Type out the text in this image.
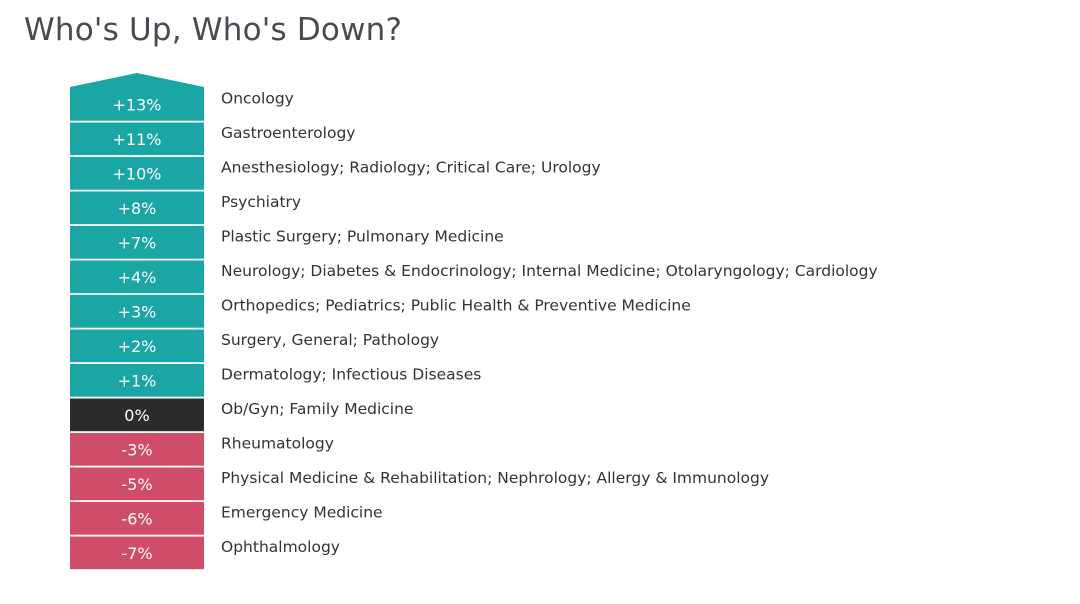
Who's Up, Who's Down?
+13%	Oncology
+11%	Gastroenterology
+10%	Anesthesiology; Radiology; Critical Care; Urology
+8%	Psychiatry
+7%	Plastic Surgery; Pulmonary Medicine
+4%	Neurology; Diabetes & Endocrinology; Internal Medicine; Otolaryngology; Cardiology
+3%	Orthopedics; Pediatrics; Public Health & Preventive Medicine
+2%	Surgery, General; Pathology
+1%	Dermatology; Infectious Diseases
0%	Ob/Gyn; Family Medicine
-3%	Rheumatology
-5%	Physical Medicine & Rehabilitation; Nephrology; Allergy & Immunology
-6%	Emergency Medicine
-7%	Ophthalmology
